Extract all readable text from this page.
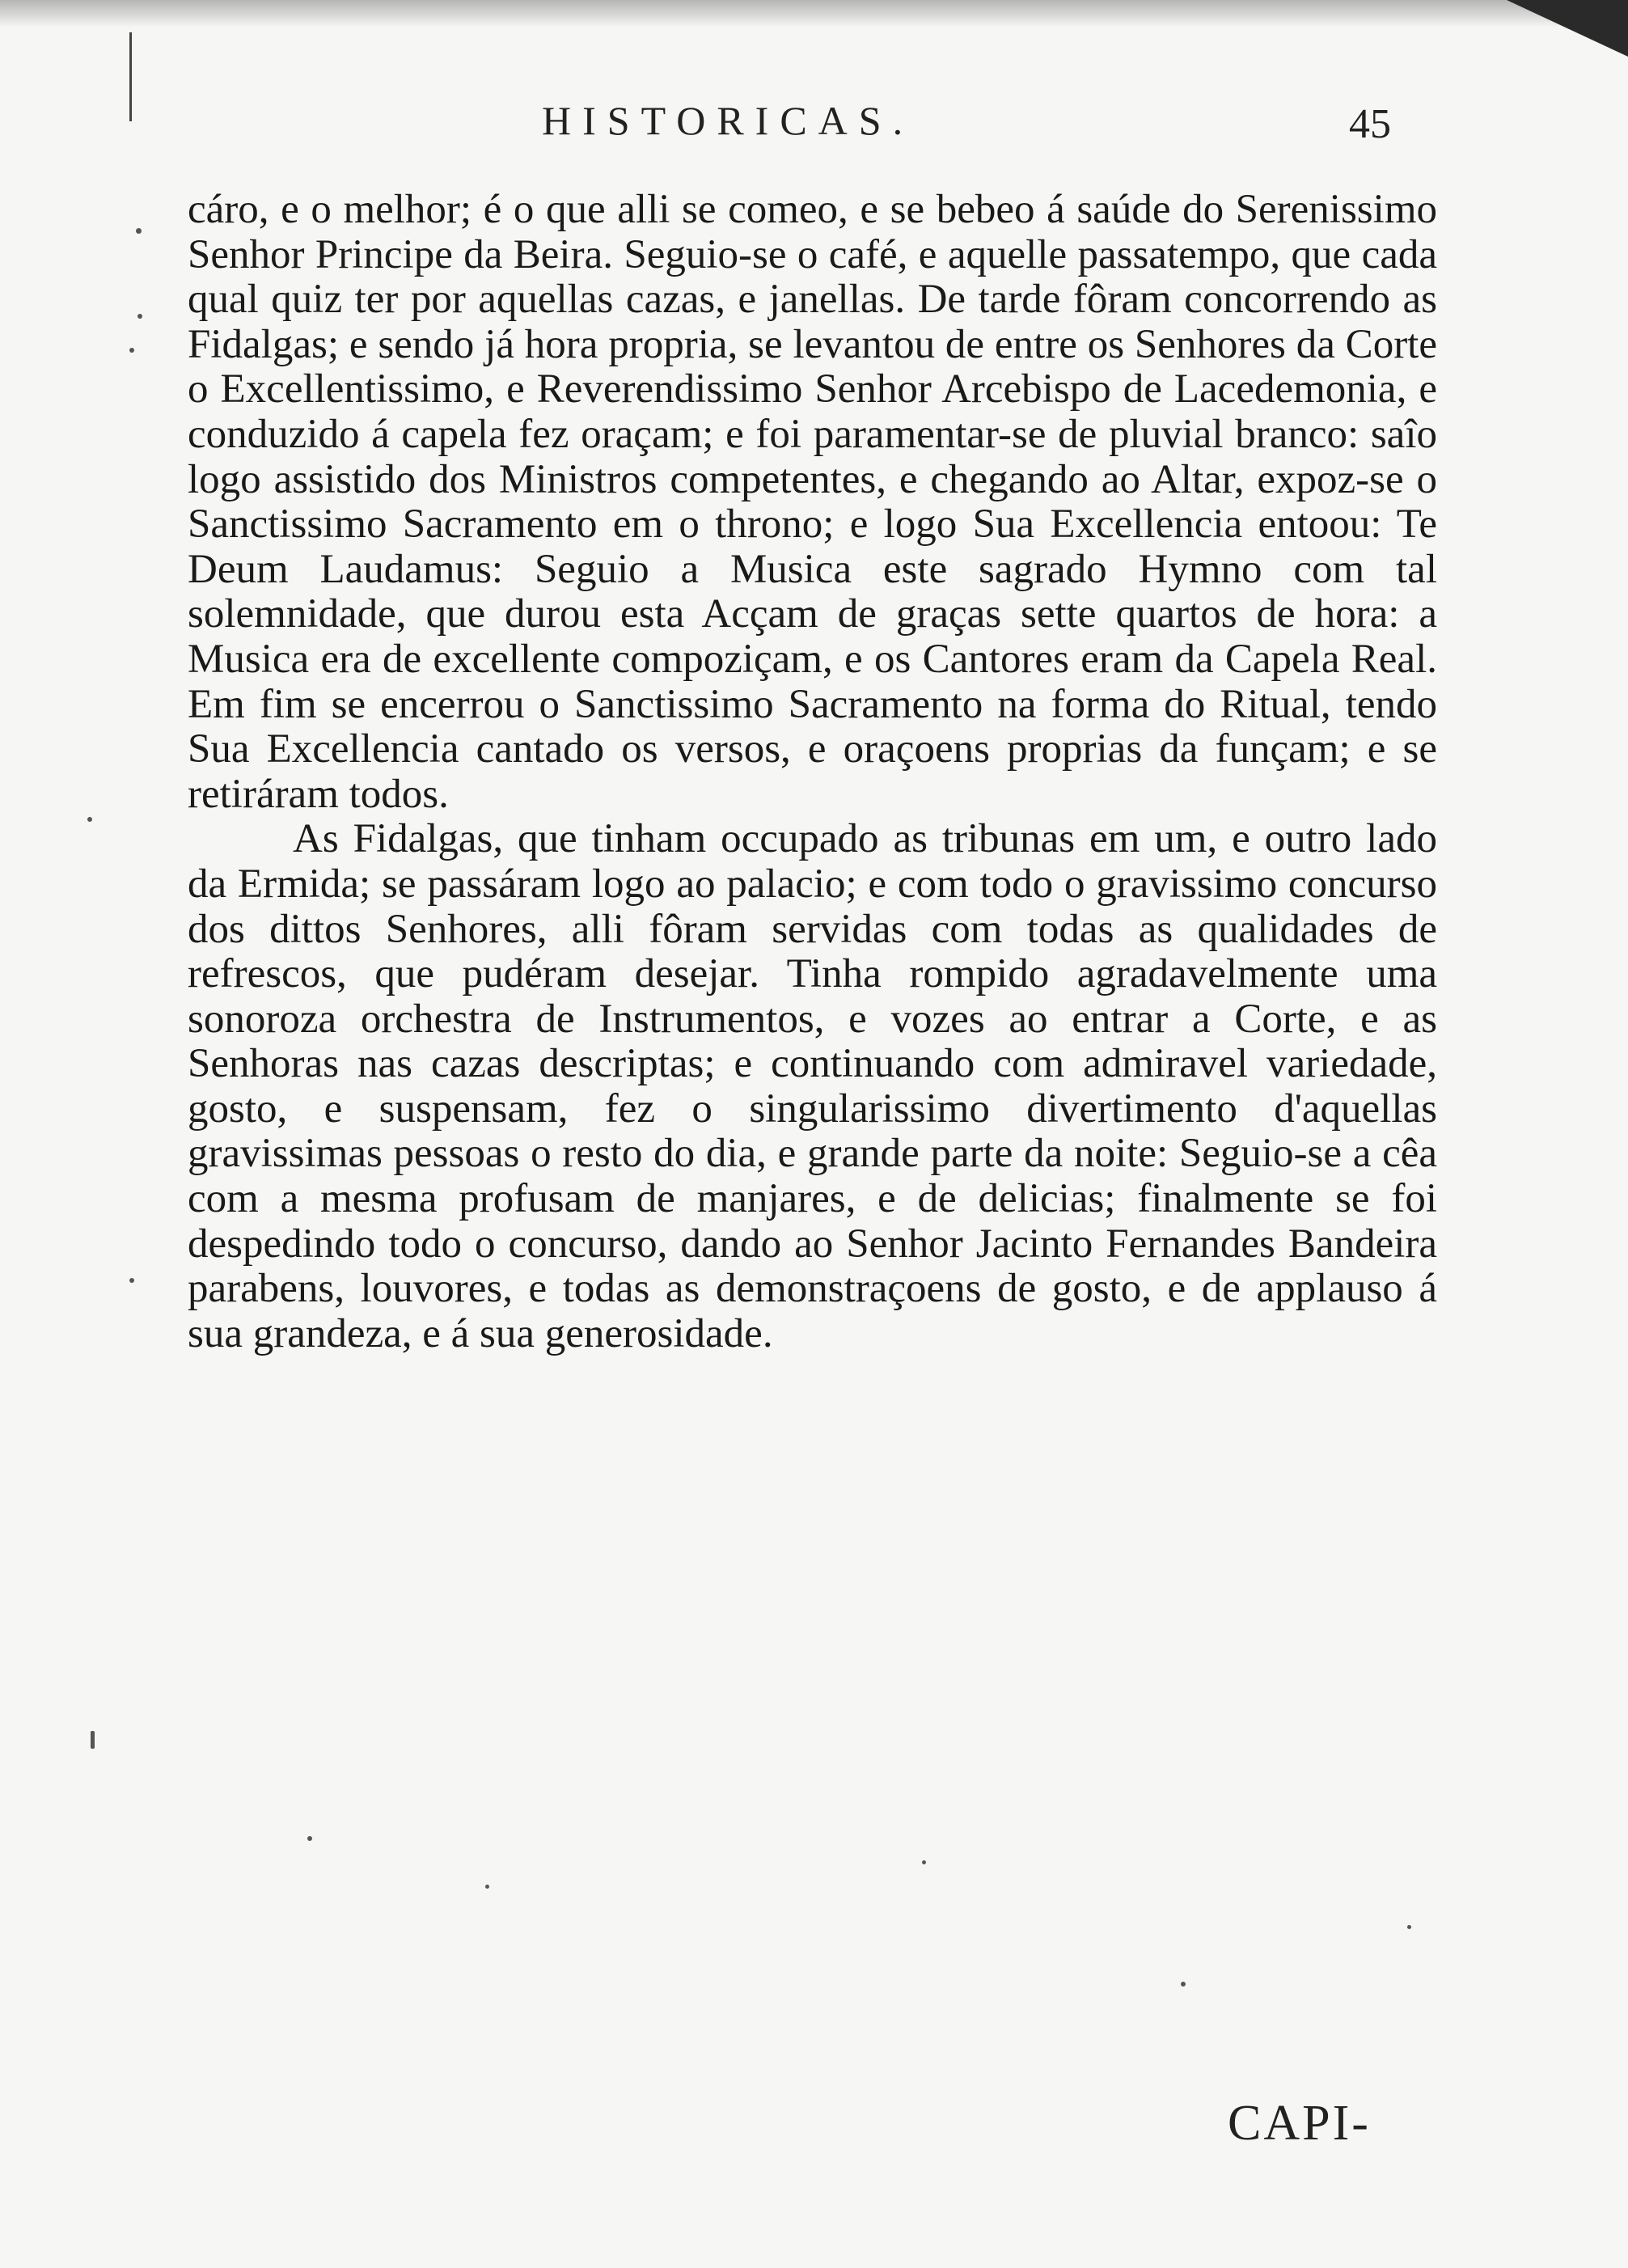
HISTORICAS.	45

cáro, e o melhor; é o que alli se comeo, e se bebeo á saúde do Serenissimo Senhor Principe da Beira. Seguio-se o café, e aquelle passatempo, que cada qual quiz ter por aquellas cazas, e janellas. De tarde fôram concorrendo as Fidalgas; e sendo já hora propria, se levantou de entre os Senhores da Corte o Excellentissimo, e Reverendissimo Senhor Arcebispo de Lacedemonia, e conduzido á capela fez oraçam; e foi paramentar-se de pluvial branco: saîo logo assistido dos Ministros competentes, e chegando ao Altar, expoz-se o Sanctissimo Sacramento em o throno; e logo Sua Excellencia entoou: Te Deum Laudamus: Seguio a Musica este sagrado Hymno com tal solemnidade, que durou esta Acçam de graças sette quartos de hora: a Musica era de excellente compoziçam, e os Cantores eram da Capela Real. Em fim se encerrou o Sanctissimo Sacramento na forma do Ritual, tendo Sua Excellencia cantado os versos, e oraçoens proprias da funçam; e se retiráram todos.

As Fidalgas, que tinham occupado as tribunas em um, e outro lado da Ermida; se passáram logo ao palacio; e com todo o gravissimo concurso dos dittos Senhores, alli fôram servidas com todas as qualidades de refrescos, que pudéram desejar. Tinha rompido agradavelmente uma sonoroza orchestra de Instrumentos, e vozes ao entrar a Corte, e as Senhoras nas cazas descriptas; e continuando com admiravel variedade, gosto, e suspensam, fez o singularissimo divertimento d'aquellas gravissimas pessoas o resto do dia, e grande parte da noite: Seguio-se a cêa com a mesma profusam de manjares, e de delicias; finalmente se foi despedindo todo o concurso, dando ao Senhor Jacinto Fernandes Bandeira parabens, louvores, e todas as demonstraçoens de gosto, e de applauso á sua grandeza, e á sua generosidade.

CAPI-
